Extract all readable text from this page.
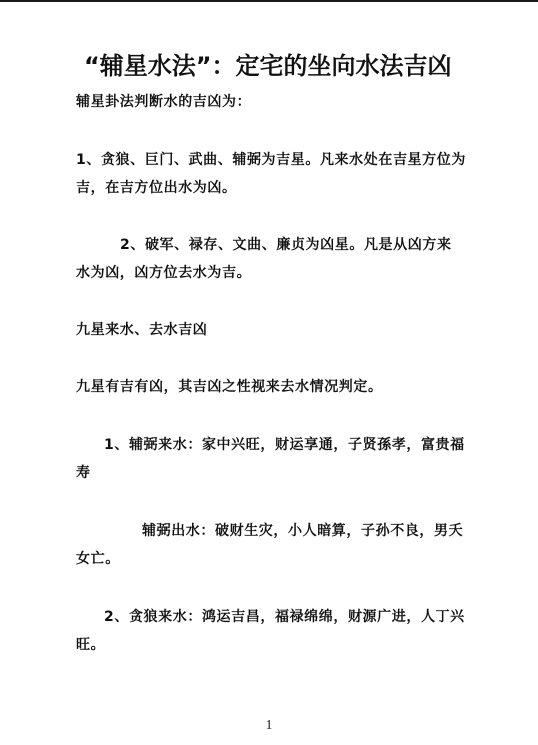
“辅星水法”：定宅的坐向水法吉凶
辅星卦法判断水的吉凶为：
1、贪狼、巨门、武曲、辅弼为吉星。凡来水处在吉星方位为吉，在吉方位出水为凶。
2、破军、禄存、文曲、廉贞为凶星。凡是从凶方来水为凶，凶方位去水为吉。
九星来水、去水吉凶
九星有吉有凶，其吉凶之性视来去水情况判定。
1、辅弼来水：家中兴旺，财运享通，子贤孫孝，富贵福寿
辅弼出水：破财生灾，小人暗算，子孙不良，男夭女亡。
2、贪狼来水：鸿运吉昌，福禄绵绵，财源广进，人丁兴旺。
1
